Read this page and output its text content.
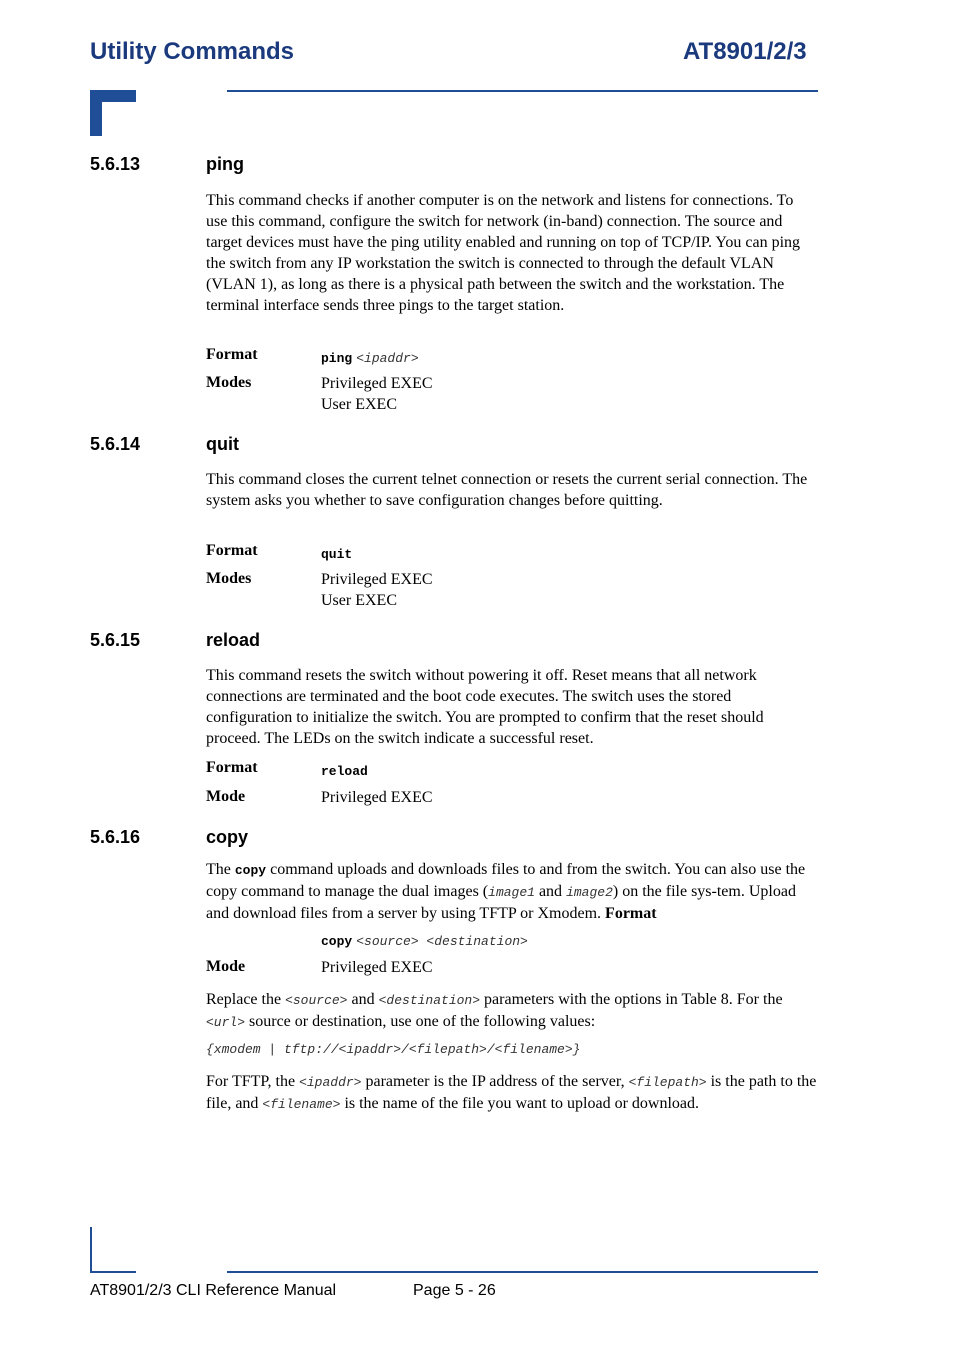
Utility Commands	AT8901/2/3
5.6.13	ping
This command checks if another computer is on the network and listens for connections. To use this command, configure the switch for network (in-band) connection. The source and target devices must have the ping utility enabled and running on top of TCP/IP. You can ping the switch from any IP workstation the switch is connected to through the default VLAN (VLAN 1), as long as there is a physical path between the switch and the workstation. The terminal interface sends three pings to the target station.
Format	ping <ipaddr>
Modes	Privileged EXEC
User EXEC
5.6.14	quit
This command closes the current telnet connection or resets the current serial connection. The system asks you whether to save configuration changes before quitting.
Format	quit
Modes	Privileged EXEC
User EXEC
5.6.15	reload
This command resets the switch without powering it off. Reset means that all network connections are terminated and the boot code executes. The switch uses the stored configuration to initialize the switch. You are prompted to confirm that the reset should proceed. The LEDs on the switch indicate a successful reset.
Format	reload
Mode	Privileged EXEC
5.6.16	copy
The copy command uploads and downloads files to and from the switch. You can also use the copy command to manage the dual images (image1 and image2) on the file sys-tem. Upload and download files from a server by using TFTP or Xmodem. Format
copy <source> <destination>
Mode	Privileged EXEC
Replace the <source> and <destination> parameters with the options in Table 8. For the <url> source or destination, use one of the following values:
{xmodem | tftp://<ipaddr>/<filepath>/<filename>}
For TFTP, the <ipaddr> parameter is the IP address of the server, <filepath> is the path to the file, and <filename> is the name of the file you want to upload or download.
AT8901/2/3 CLI Reference Manual	Page 5 - 26
